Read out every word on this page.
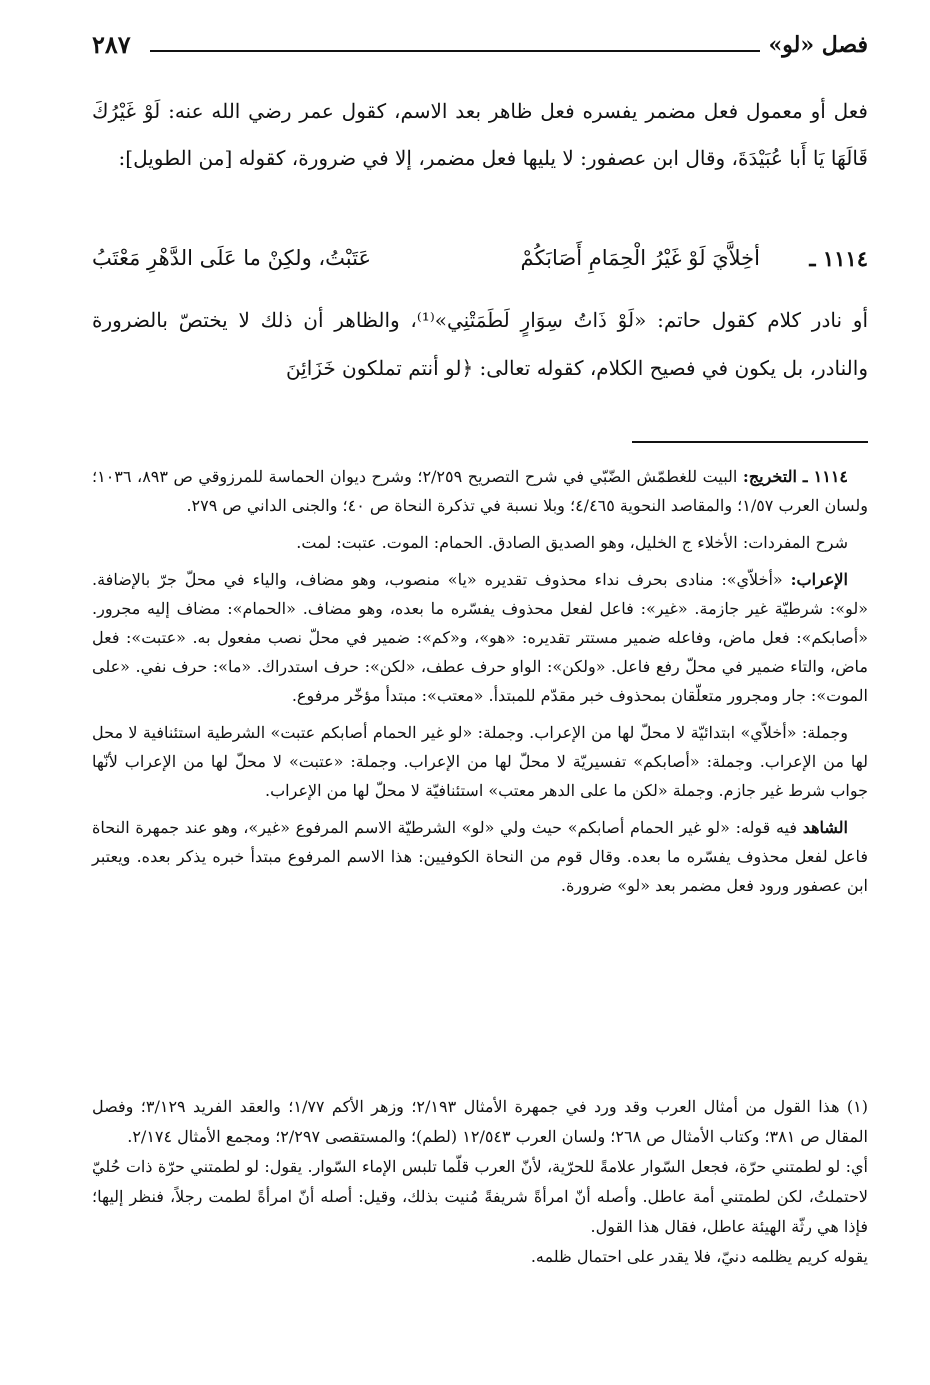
فصل «لو»
٢٨٧

فعل أو معمول فعل مضمر يفسره فعل ظاهر بعد الاسم، كقول عمر رضي الله عنه: لَوْ غَيْرُكَ قَالَهَا يَا أَبا عُبَيْدَةَ، وقال ابن عصفور: لا يليها فعل مضمر، إلا في ضرورة، كقوله [من الطويل]:

١١١٤ ـ
أخِلاَّيَ لَوْ غَيْرُ الْحِمَامِ أَصَابَكُمْ
عَتَبْتُ، ولكِنْ ما عَلَى الدَّهْرِ مَعْتَبُ

أو نادر كلام كقول حاتم: «لَوْ ذَاتُ سِوَارٍ لَطَمَتْنِي»⁽¹⁾، والظاهر أن ذلك لا يختصّ بالضرورة والنادر، بل يكون في فصيح الكلام، كقوله تعالى: ﴿لو أنتم تملكون خَزَائِنَ

١١١٤ ـ التخريج: البيت للغطمّش الضّبّي في شرح التصريح ٢/٢٥٩؛ وشرح ديوان الحماسة للمرزوقي ص ٨٩٣، ١٠٣٦؛ ولسان العرب ١/٥٧؛ والمقاصد النحوية ٤/٤٦٥؛ وبلا نسبة في تذكرة النحاة ص ٤٠؛ والجنى الداني ص ٢٧٩.

شرح المفردات: الأخلاء ج الخليل، وهو الصديق الصادق. الحمام: الموت. عتبت: لمت.

الإعراب: «أخلاّي»: منادى بحرف نداء محذوف تقديره «يا» منصوب، وهو مضاف، والياء في محلّ جرّ بالإضافة. «لو»: شرطيّة غير جازمة. «غير»: فاعل لفعل محذوف يفسّره ما بعده، وهو مضاف. «الحمام»: مضاف إليه مجرور. «أصابكم»: فعل ماض، وفاعله ضمير مستتر تقديره: «هو»، و«كم»: ضمير في محلّ نصب مفعول به. «عتبت»: فعل ماض، والتاء ضمير في محلّ رفع فاعل. «ولكن»: الواو حرف عطف، «لكن»: حرف استدراك. «ما»: حرف نفي. «على الموت»: جار ومجرور متعلّقان بمحذوف خبر مقدّم للمبتدأ. «معتب»: مبتدأ مؤخّر مرفوع.

وجملة: «أخلاّي» ابتدائيّة لا محلّ لها من الإعراب. وجملة: «لو غير الحمام أصابكم عتبت» الشرطية استئنافية لا محل لها من الإعراب. وجملة: «أصابكم» تفسيريّة لا محلّ لها من الإعراب. وجملة: «عتبت» لا محلّ لها من الإعراب لأنّها جواب شرط غير جازم. وجملة «لكن ما على الدهر معتب» استئنافيّة لا محلّ لها من الإعراب.

الشاهد فيه قوله: «لو غير الحمام أصابكم» حيث ولي «لو» الشرطيّة الاسم المرفوع «غير»، وهو عند جمهرة النحاة فاعل لفعل محذوف يفسّره ما بعده. وقال قوم من النحاة الكوفيين: هذا الاسم المرفوع مبتدأ خبره يذكر بعده. ويعتبر ابن عصفور ورود فعل مضمر بعد «لو» ضرورة.

(١) هذا القول من أمثال العرب وقد ورد في جمهرة الأمثال ٢/١٩٣؛ وزهر الأكم ١/٧٧؛ والعقد الفريد ٣/١٢٩؛ وفصل المقال ص ٣٨١؛ وكتاب الأمثال ص ٢٦٨؛ ولسان العرب ١٢/٥٤٣ (لطم)؛ والمستقصى ٢/٢٩٧؛ ومجمع الأمثال ٢/١٧٤.

أي: لو لطمتني حرّة، فجعل السّوار علامةً للحرّية، لأنّ العرب قلّما تلبس الإماء السّوار. يقول: لو لطمتني حرّة ذات حُليّ لاحتملتُ، لكن لطمتني أمة عاطل. وأصله أنّ امرأةً شريفةً مُنيت بذلك، وقيل: أصله أنّ امرأةً لطمت رجلاً، فنظر إليها؛ فإذا هي رثّة الهيئة عاطل، فقال هذا القول.

يقوله كريم يظلمه دنيّ، فلا يقدر على احتمال ظلمه.
